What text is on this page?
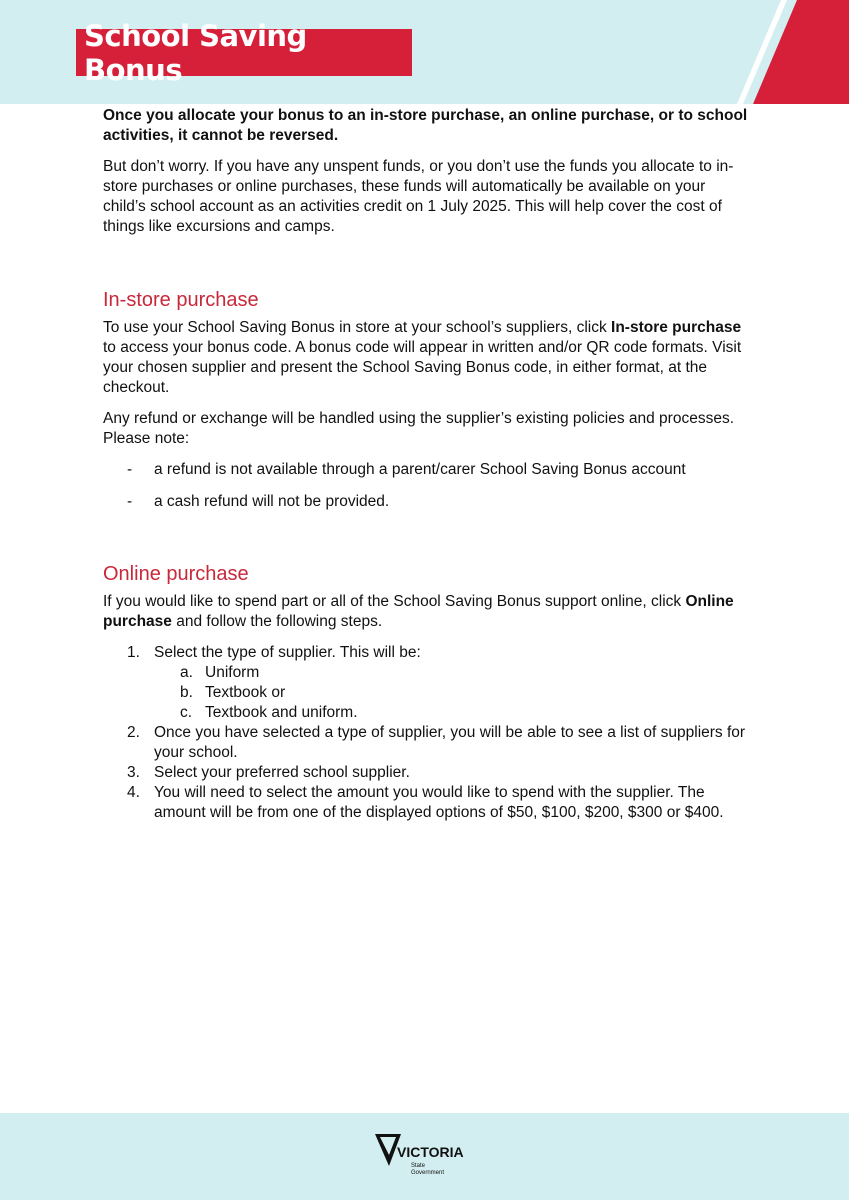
School Saving Bonus

Once you allocate your bonus to an in-store purchase, an online purchase, or to school activities, it cannot be reversed.

But don’t worry. If you have any unspent funds, or you don’t use the funds you allocate to in-store purchases or online purchases, these funds will automatically be available on your child’s school account as an activities credit on 1 July 2025. This will help cover the cost of things like excursions and camps.

In-store purchase

To use your School Saving Bonus in store at your school’s suppliers, click In-store purchase to access your bonus code. A bonus code will appear in written and/or QR code formats. Visit your chosen supplier and present the School Saving Bonus code, in either format, at the checkout.

Any refund or exchange will be handled using the supplier’s existing policies and processes. Please note:

- a refund is not available through a parent/carer School Saving Bonus account
- a cash refund will not be provided.
Online purchase

If you would like to spend part or all of the School Saving Bonus support online, click Online purchase and follow the following steps.

1. Select the type of supplier. This will be:
a. Uniform
b. Textbook or
c. Textbook and uniform.
2. Once you have selected a type of supplier, you will be able to see a list of suppliers for your school.
3. Select your preferred school supplier.
4. You will need to select the amount you would like to spend with the supplier. The amount will be from one of the displayed options of $50, $100, $200, $300 or $400.
VICTORIA
State
Government
